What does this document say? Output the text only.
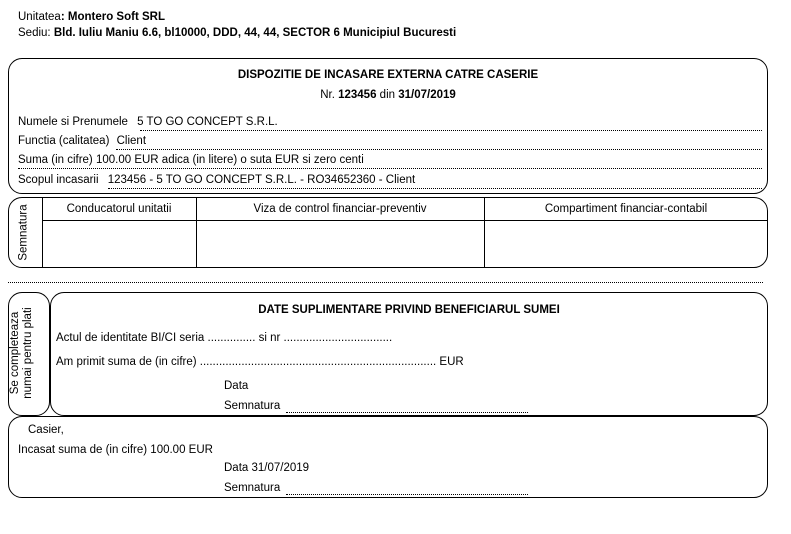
Unitatea: Montero Soft SRL
Sediu: Bld. Iuliu Maniu 6.6, bl10000, DDD, 44, 44, SECTOR 6 Municipiul Bucuresti
DISPOZITIE DE INCASARE EXTERNA CATRE CASERIE
Nr. 123456 din 31/07/2019
Numele si Prenumele 5 TO GO CONCEPT S.R.L.
Functia (calitatea) Client
Suma (in cifre) 100.00 EUR adica (in litere) o suta EUR si zero centi
Scopul incasarii 123456 - 5 TO GO CONCEPT S.R.L. - RO34652360 - Client
Semnatura	Conducatorul unitatii	Viza de control financiar-preventiv	Compartiment financiar-contabil
Se completeaza numai pentru plati	DATE SUPLIMENTARE PRIVIND BENEFICIARUL SUMEI
Actul de identitate BI/CI seria ............... si nr ..................................
Am primit suma de (in cifre) .......................................................................... EUR
Data
Semnatura
Casier,
Incasat suma de (in cifre) 100.00 EUR
Data 31/07/2019
Semnatura
